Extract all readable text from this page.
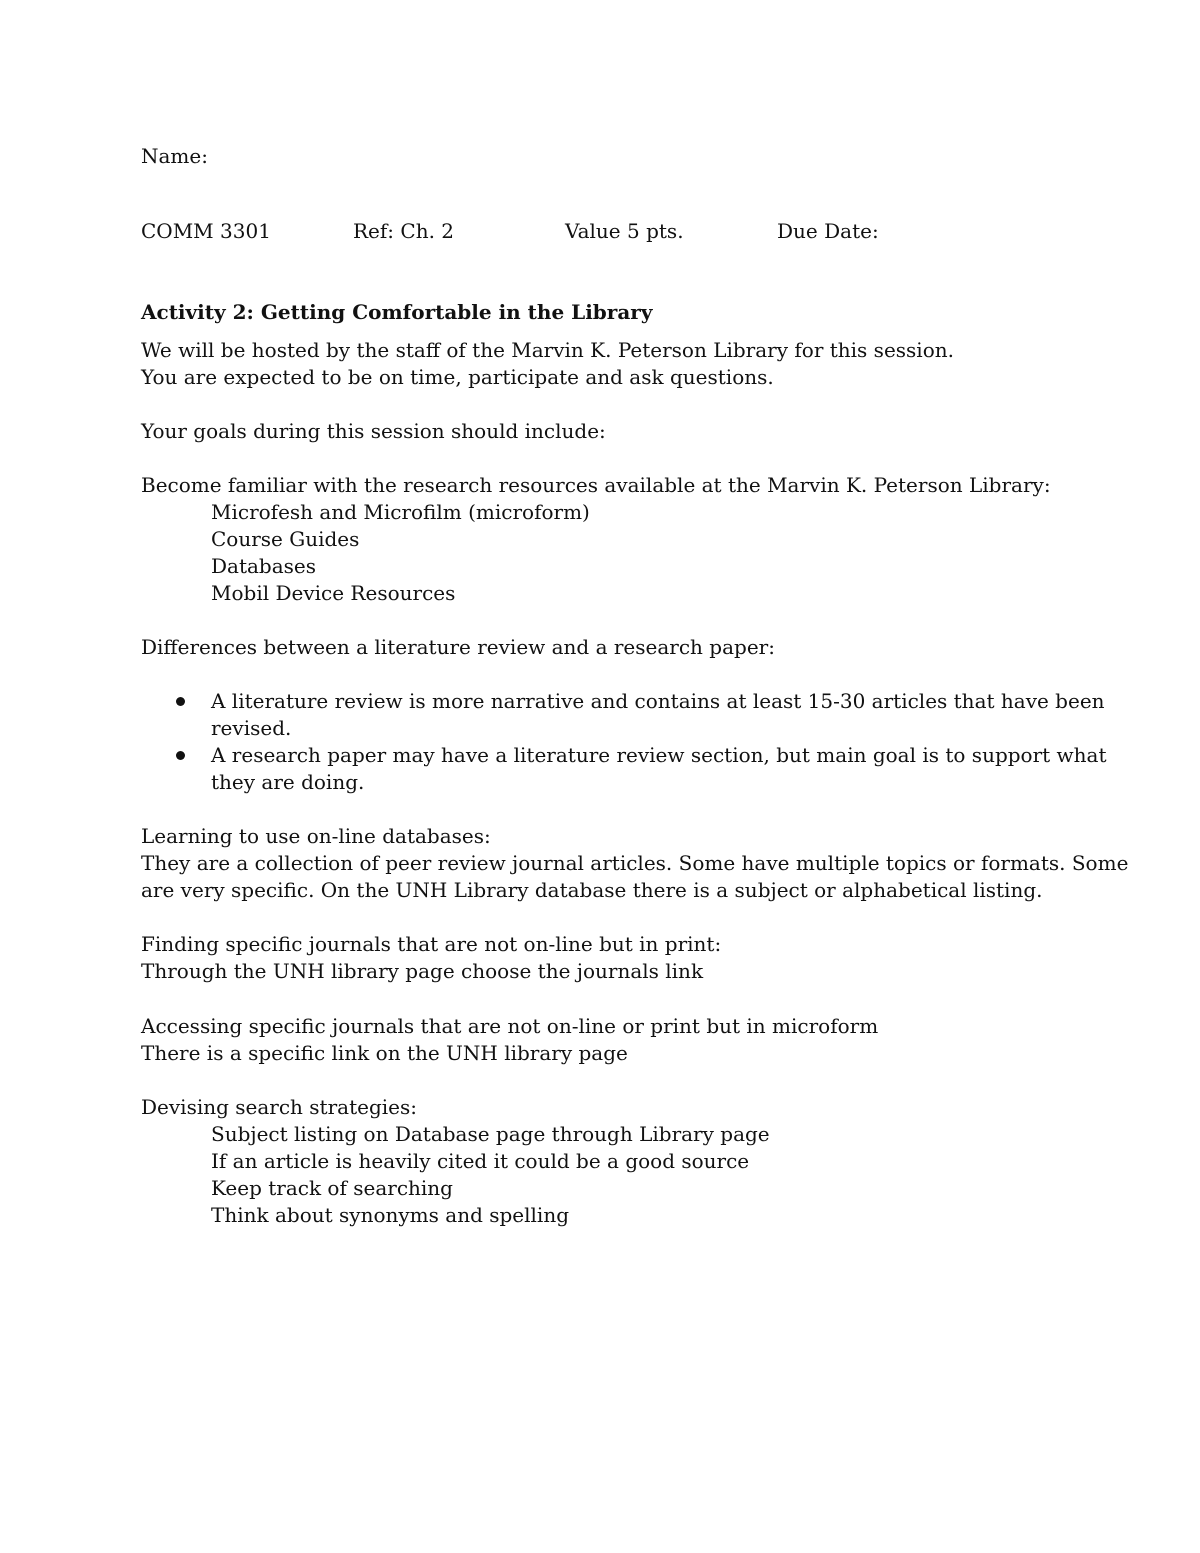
Name:
COMM 3301	Ref: Ch. 2	Value 5 pts.	Due Date:
Activity 2: Getting Comfortable in the Library
We will be hosted by the staff of the Marvin K. Peterson Library for this session.
You are expected to be on time, participate and ask questions.
Your goals during this session should include:
Become familiar with the research resources available at the Marvin K. Peterson Library:
Microfesh and Microfilm (microform)
Course Guides
Databases
Mobil Device Resources
Differences between a literature review and a research paper:
A literature review is more narrative and contains at least 15-30 articles that have been
revised.
A research paper may have a literature review section, but main goal is to support what
they are doing.
Learning to use on-line databases:
They are a collection of peer review journal articles. Some have multiple topics or formats. Some
are very specific. On the UNH Library database there is a subject or alphabetical listing.
Finding specific journals that are not on-line but in print:
Through the UNH library page choose the journals link
Accessing specific journals that are not on-line or print but in microform
There is a specific link on the UNH library page
Devising search strategies:
Subject listing on Database page through Library page
If an article is heavily cited it could be a good source
Keep track of searching
Think about synonyms and spelling
